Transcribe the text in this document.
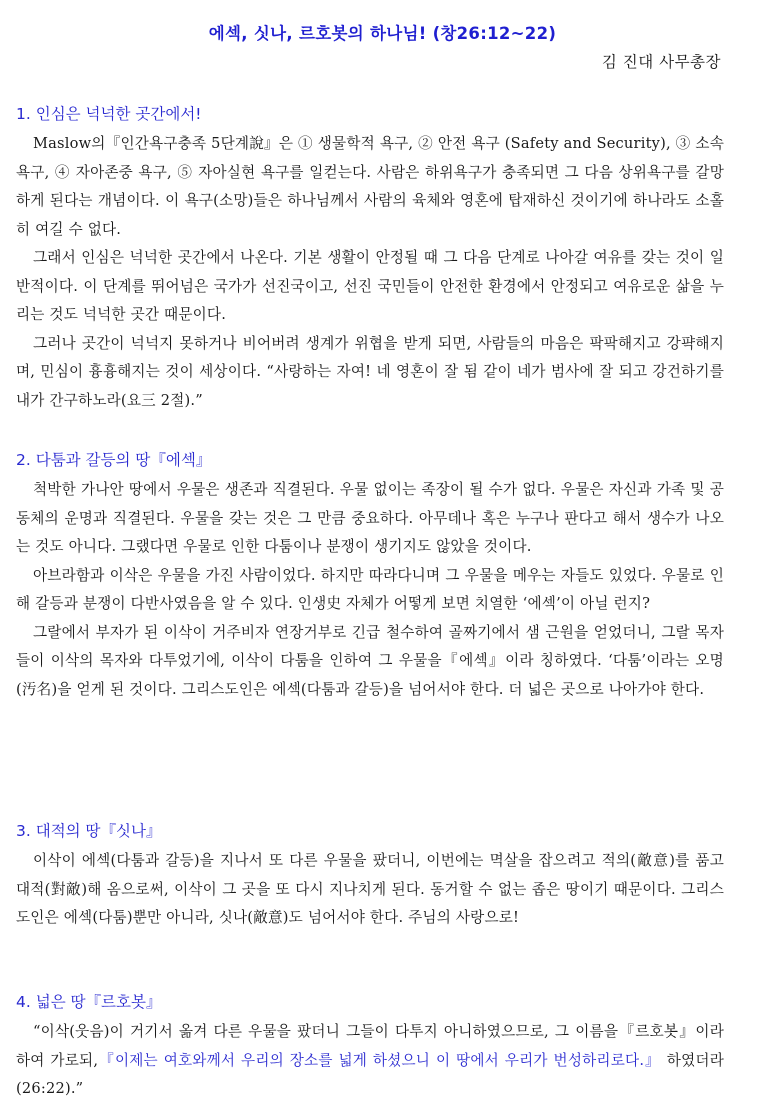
에섹, 싯나, 르호봇의 하나님! (창26:12~22)
김 진대 사무총장
1. 인심은 넉넉한 곳간에서!
Maslow의『인간욕구충족 5단계說』은 ① 생물학적 욕구, ② 안전 욕구 (Safety and Security), ③ 소속 욕구, ④ 자아존중 욕구, ⑤ 자아실현 욕구를 일컫는다. 사람은 하위욕구가 충족되면 그 다음 상위욕구를 갈망하게 된다는 개념이다. 이 욕구(소망)들은 하나님께서 사람의 육체와 영혼에 탑재하신 것이기에 하나라도 소홀히 여길 수 없다.
그래서 인심은 넉넉한 곳간에서 나온다. 기본 생활이 안정될 때 그 다음 단계로 나아갈 여유를 갖는 것이 일반적이다. 이 단계를 뛰어넘은 국가가 선진국이고, 선진 국민들이 안전한 환경에서 안정되고 여유로운 삶을 누리는 것도 넉넉한 곳간 때문이다.
그러나 곳간이 넉넉지 못하거나 비어버려 생계가 위협을 받게 되면, 사람들의 마음은 팍팍해지고 강퍅해지며, 민심이 흉흉해지는 것이 세상이다. “사랑하는 자여! 네 영혼이 잘 됨 같이 네가 범사에 잘 되고 강건하기를 내가 간구하노라(요三 2절).”
2. 다툼과 갈등의 땅『에섹』
척박한 가나안 땅에서 우물은 생존과 직결된다. 우물 없이는 족장이 될 수가 없다. 우물은 자신과 가족 및 공동체의 운명과 직결된다. 우물을 갖는 것은 그 만큼 중요하다. 아무데나 혹은 누구나 판다고 해서 생수가 나오는 것도 아니다. 그랬다면 우물로 인한 다툼이나 분쟁이 생기지도 않았을 것이다.
아브라함과 이삭은 우물을 가진 사람이었다. 하지만 따라다니며 그 우물을 메우는 자들도 있었다. 우물로 인해 갈등과 분쟁이 다반사였음을 알 수 있다. 인생史 자체가 어떻게 보면 치열한 ‘에섹’이 아닐 런지?
그랄에서 부자가 된 이삭이 거주비자 연장거부로 긴급 철수하여 골짜기에서 샘 근원을 얻었더니, 그랄 목자들이 이삭의 목자와 다투었기에, 이삭이 다툼을 인하여 그 우물을『에섹』이라 칭하였다. ‘다툼’이라는 오명(汚名)을 얻게 된 것이다. 그리스도인은 에섹(다툼과 갈등)을 넘어서야 한다. 더 넓은 곳으로 나아가야 한다.
3. 대적의 땅『싯나』
이삭이 에섹(다툼과 갈등)을 지나서 또 다른 우물을 팠더니, 이번에는 멱살을 잡으려고 적의(敵意)를 품고 대적(對敵)해 옴으로써, 이삭이 그 곳을 또 다시 지나치게 된다. 동거할 수 없는 좁은 땅이기 때문이다. 그리스도인은 에섹(다툼)뿐만 아니라, 싯나(敵意)도 넘어서야 한다. 주님의 사랑으로!
4. 넓은 땅『르호봇』
“이삭(웃음)이 거기서 옮겨 다른 우물을 팠더니 그들이 다투지 아니하였으므로, 그 이름을『르호봇』이라 하여 가로되,『이제는 여호와께서 우리의 장소를 넓게 하셨으니 이 땅에서 우리가 번성하리로다.』 하였더라(26:22).”
